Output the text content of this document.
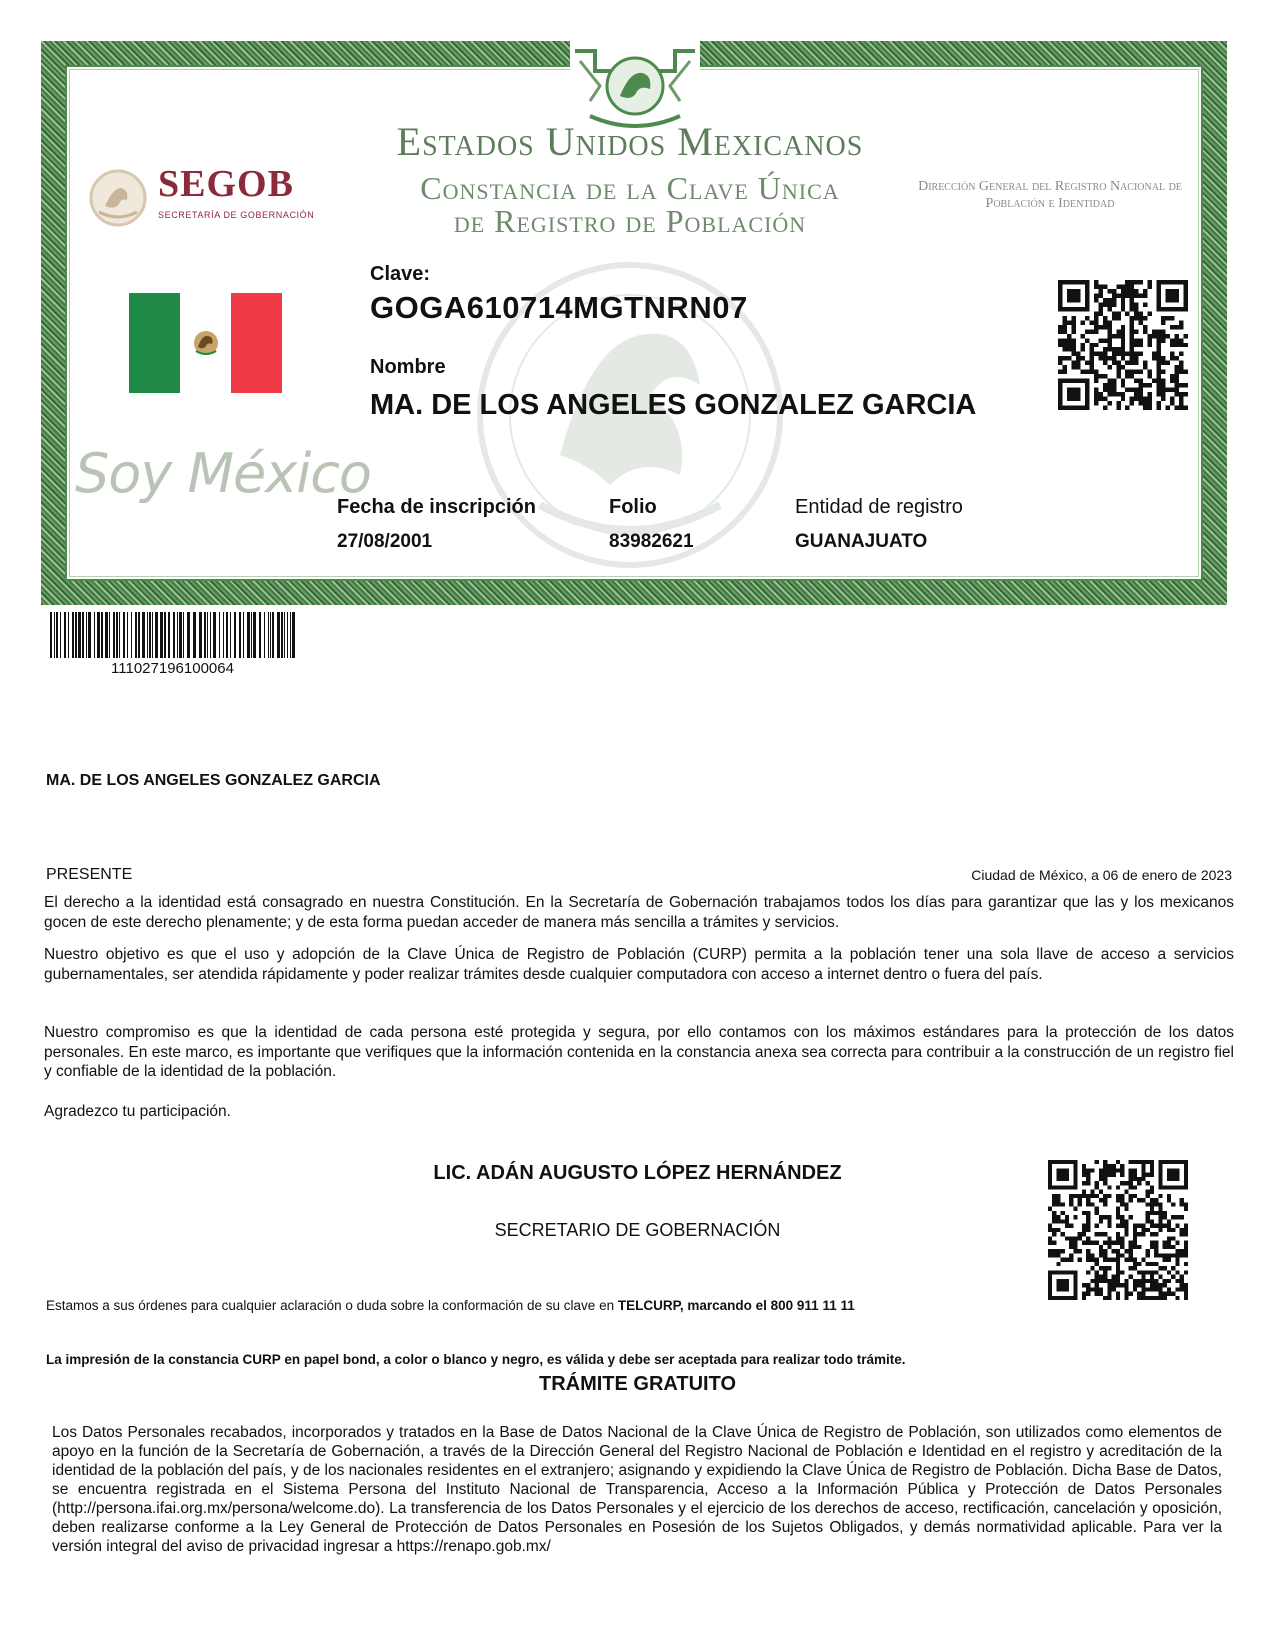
Estados Unidos Mexicanos
Constancia de la Clave Única
de Registro de Población
Dirección General del Registro Nacional de Población e Identidad
SEGOB
SECRETARÍA DE GOBERNACIÓN
Soy México
Clave:
GOGA610714MGTNRN07
Nombre
MA. DE LOS ANGELES GONZALEZ GARCIA
Fecha de inscripción
27/08/2001
Folio
83982621
Entidad de registro
GUANAJUATO
111027196100064
MA. DE LOS ANGELES GONZALEZ GARCIA
PRESENTE	Ciudad de México, a 06 de enero de 2023
El derecho a la identidad está consagrado en nuestra Constitución. En la Secretaría de Gobernación trabajamos todos los días para garantizar que las y los mexicanos gocen de este derecho plenamente; y de esta forma puedan acceder de manera más sencilla a trámites y servicios.
Nuestro objetivo es que el uso y adopción de la Clave Única de Registro de Población (CURP) permita a la población tener una sola llave de acceso a servicios gubernamentales, ser atendida rápidamente y poder realizar trámites desde cualquier computadora con acceso a internet dentro o fuera del país.
Nuestro compromiso es que la identidad de cada persona esté protegida y segura, por ello contamos con los máximos estándares para la protección de los datos personales. En este marco, es importante que verifiques que la información contenida en la constancia anexa sea correcta para contribuir a la construcción de un registro fiel y confiable de la identidad de la población.
Agradezco tu participación.
LIC. ADÁN AUGUSTO LÓPEZ HERNÁNDEZ
SECRETARIO DE GOBERNACIÓN
Estamos a sus órdenes para cualquier aclaración o duda sobre la conformación de su clave en TELCURP, marcando el 800 911 11 11
La impresión de la constancia CURP en papel bond, a color o blanco y negro, es válida y debe ser aceptada para realizar todo trámite.
TRÁMITE GRATUITO
Los Datos Personales recabados, incorporados y tratados en la Base de Datos Nacional de la Clave Única de Registro de Población, son utilizados como elementos de apoyo en la función de la Secretaría de Gobernación, a través de la Dirección General del Registro Nacional de Población e Identidad en el registro y acreditación de la identidad de la población del país, y de los nacionales residentes en el extranjero; asignando y expidiendo la Clave Única de Registro de Población. Dicha Base de Datos, se encuentra registrada en el Sistema Persona del Instituto Nacional de Transparencia, Acceso a la Información Pública y Protección de Datos Personales (http://persona.ifai.org.mx/persona/welcome.do). La transferencia de los Datos Personales y el ejercicio de los derechos de acceso, rectificación, cancelación y oposición, deben realizarse conforme a la Ley General de Protección de Datos Personales en Posesión de los Sujetos Obligados, y demás normatividad aplicable. Para ver la versión integral del aviso de privacidad ingresar a https://renapo.gob.mx/
